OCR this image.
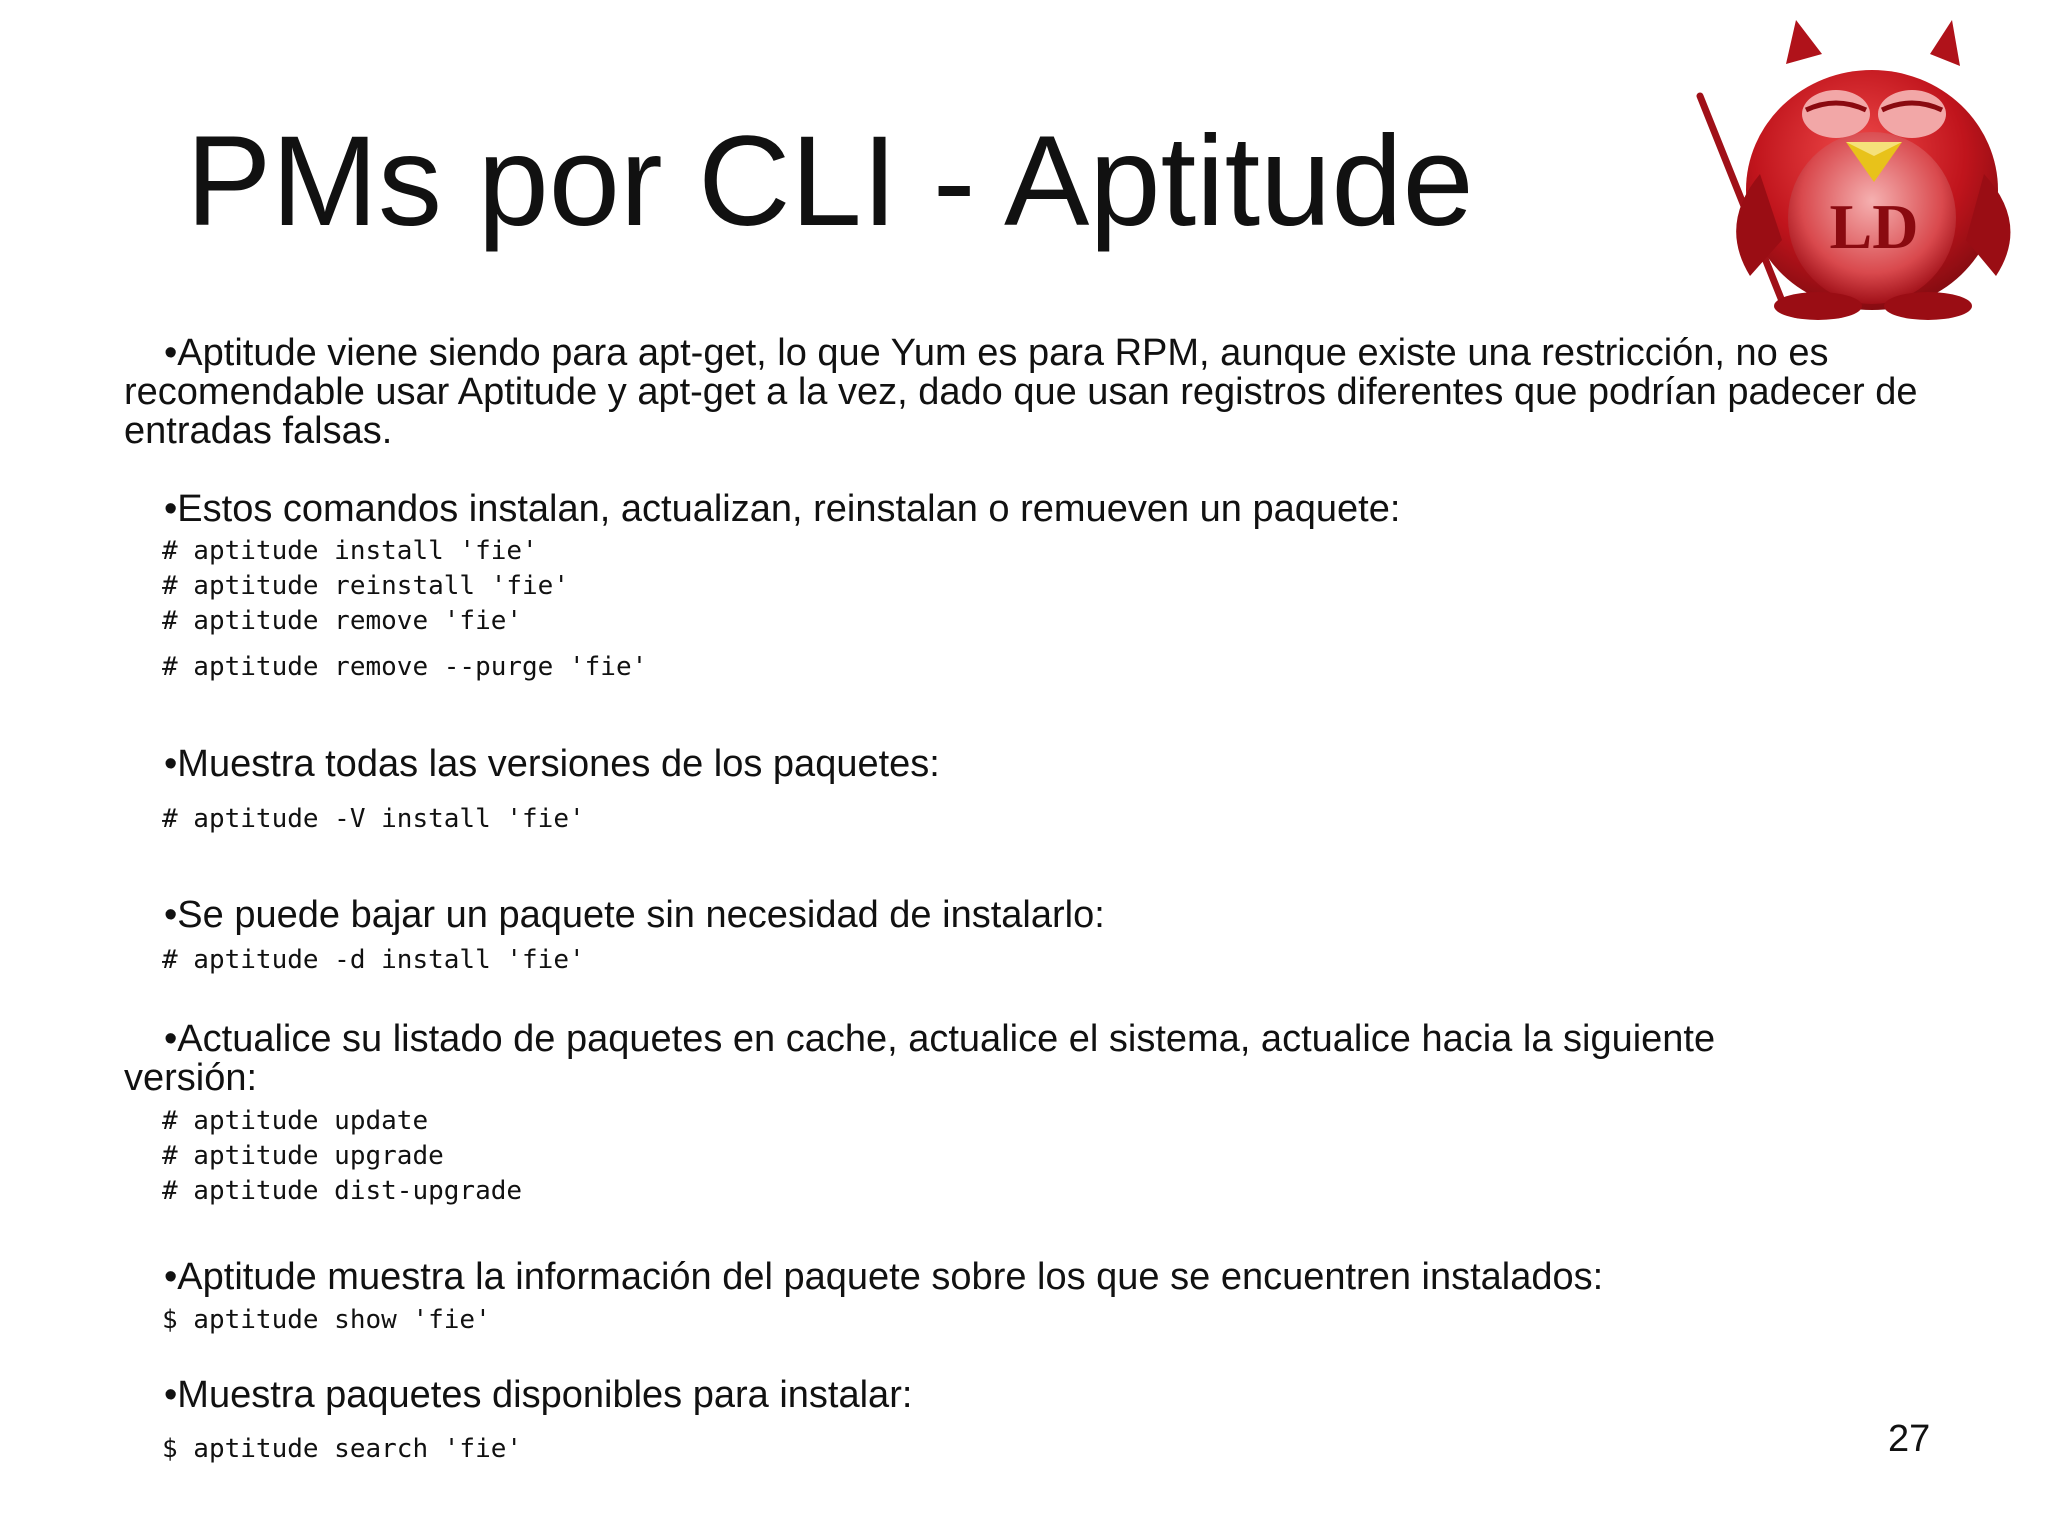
PMs por CLI - Aptitude	LD
•Aptitude viene siendo para apt-get, lo que Yum es para RPM, aunque existe una restricción, no es recomendable usar Aptitude y apt-get a la vez, dado que usan registros diferentes que podrían padecer de entradas falsas.
•Estos comandos instalan, actualizan, reinstalan o remueven un paquete:
# aptitude install 'fie'
# aptitude reinstall 'fie'
# aptitude remove 'fie'
# aptitude remove --purge 'fie'
•Muestra todas las versiones de los paquetes:
# aptitude -V install 'fie'
•Se puede bajar un paquete sin necesidad de instalarlo:
# aptitude -d install 'fie'
•Actualice su listado de paquetes en cache, actualice el sistema, actualice hacia la siguiente versión:
# aptitude update
# aptitude upgrade
# aptitude dist-upgrade
•Aptitude muestra la información del paquete sobre los que se encuentren instalados:
$ aptitude show 'fie'
•Muestra paquetes disponibles para instalar:
$ aptitude search 'fie'	27
